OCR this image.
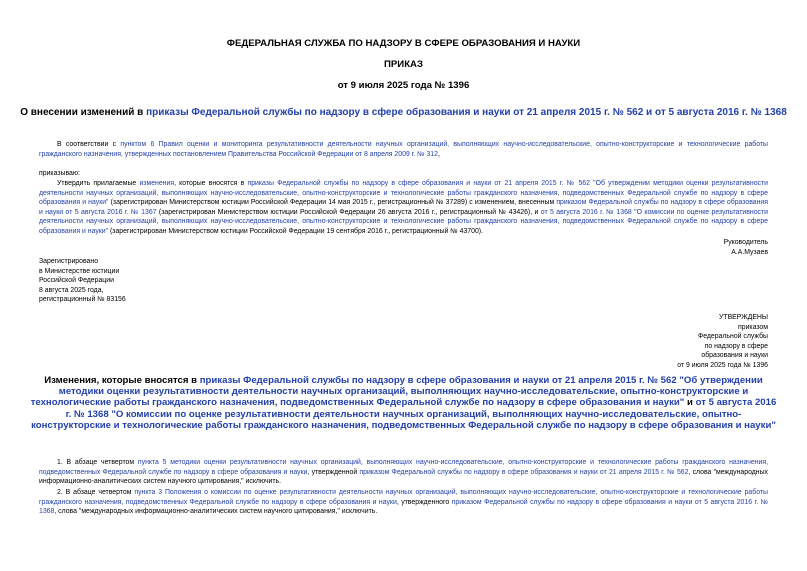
ФЕДЕРАЛЬНАЯ СЛУЖБА ПО НАДЗОРУ В СФЕРЕ ОБРАЗОВАНИЯ И НАУКИ
ПРИКАЗ
от 9 июля 2025 года № 1396
О внесении изменений в приказы Федеральной службы по надзору в сфере образования и науки от 21 апреля 2015 г. № 562 и от 5 августа 2016 г. № 1368
В соответствии с пунктом 6 Правил оценки и мониторинга результативности деятельности научных организаций, выполняющих научно-исследовательские, опытно-конструкторские и технологические работы гражданского назначения, утвержденных постановлением Правительства Российской Федерации от 8 апреля 2009 г. № 312,
приказываю:
Утвердить прилагаемые изменения, которые вносятся в приказы Федеральной службы по надзору в сфере образования и науки от 21 апреля 2015 г. № 562 "Об утверждении методики оценки результативности деятельности научных организаций, выполняющих научно-исследовательские, опытно-конструкторские и технологические работы гражданского назначения, подведомственных Федеральной службе по надзору в сфере образования и науки" (зарегистрирован Министерством юстиции Российской Федерации 14 мая 2015 г., регистрационный № 37289) с изменением, внесенным приказом Федеральной службы по надзору в сфере образования и науки от 5 августа 2016 г. № 1367 (зарегистрирован Министерством юстиции Российской Федерации 26 августа 2016 г., регистрационный № 43426), и от 5 августа 2016 г. № 1368 "О комиссии по оценке результативности деятельности научных организаций, выполняющих научно-исследовательские, опытно-конструкторские и технологические работы гражданского назначения, подведомственных Федеральной службе по надзору в сфере образования и науки" (зарегистрирован Министерством юстиции Российской Федерации 19 сентября 2016 г., регистрационный № 43700).
Руководитель
А.А.Музаев
Зарегистрировано
в Министерстве юстиции
Российской Федерации
8 августа 2025 года,
регистрационный № 83156
УТВЕРЖДЕНЫ
приказом
Федеральной службы
по надзору в сфере
образования и науки
от 9 июля 2025 года № 1396
Изменения, которые вносятся в приказы Федеральной службы по надзору в сфере образования и науки от 21 апреля 2015 г. № 562 "Об утверждении методики оценки результативности деятельности научных организаций, выполняющих научно-исследовательские, опытно-конструкторские и технологические работы гражданского назначения, подведомственных Федеральной службе по надзору в сфере образования и науки" и от 5 августа 2016 г. № 1368 "О комиссии по оценке результативности деятельности научных организаций, выполняющих научно-исследовательские, опытно-конструкторские и технологические работы гражданского назначения, подведомственных Федеральной службе по надзору в сфере образования и науки"
1. В абзаце четвертом пункта 5 методики оценки результативности научных организаций, выполняющих научно-исследовательские, опытно-конструкторские и технологические работы гражданского назначения, подведомственных Федеральной службе по надзору в сфере образования и науки, утвержденной приказом Федеральной службы по надзору в сфере образования и науки от 21 апреля 2015 г. № 562, слова "международных информационно-аналитических систем научного цитирования," исключить.
2. В абзаце четвертом пункта 3 Положения о комиссии по оценке результативности деятельности научных организаций, выполняющих научно-исследовательские, опытно-конструкторские и технологические работы гражданского назначения, подведомственных Федеральной службе по надзору в сфере образования и науки, утвержденного приказом Федеральной службы по надзору в сфере образования и науки от 5 августа 2016 г. № 1368, слова "международных информационно-аналитических систем научного цитирования," исключить.
